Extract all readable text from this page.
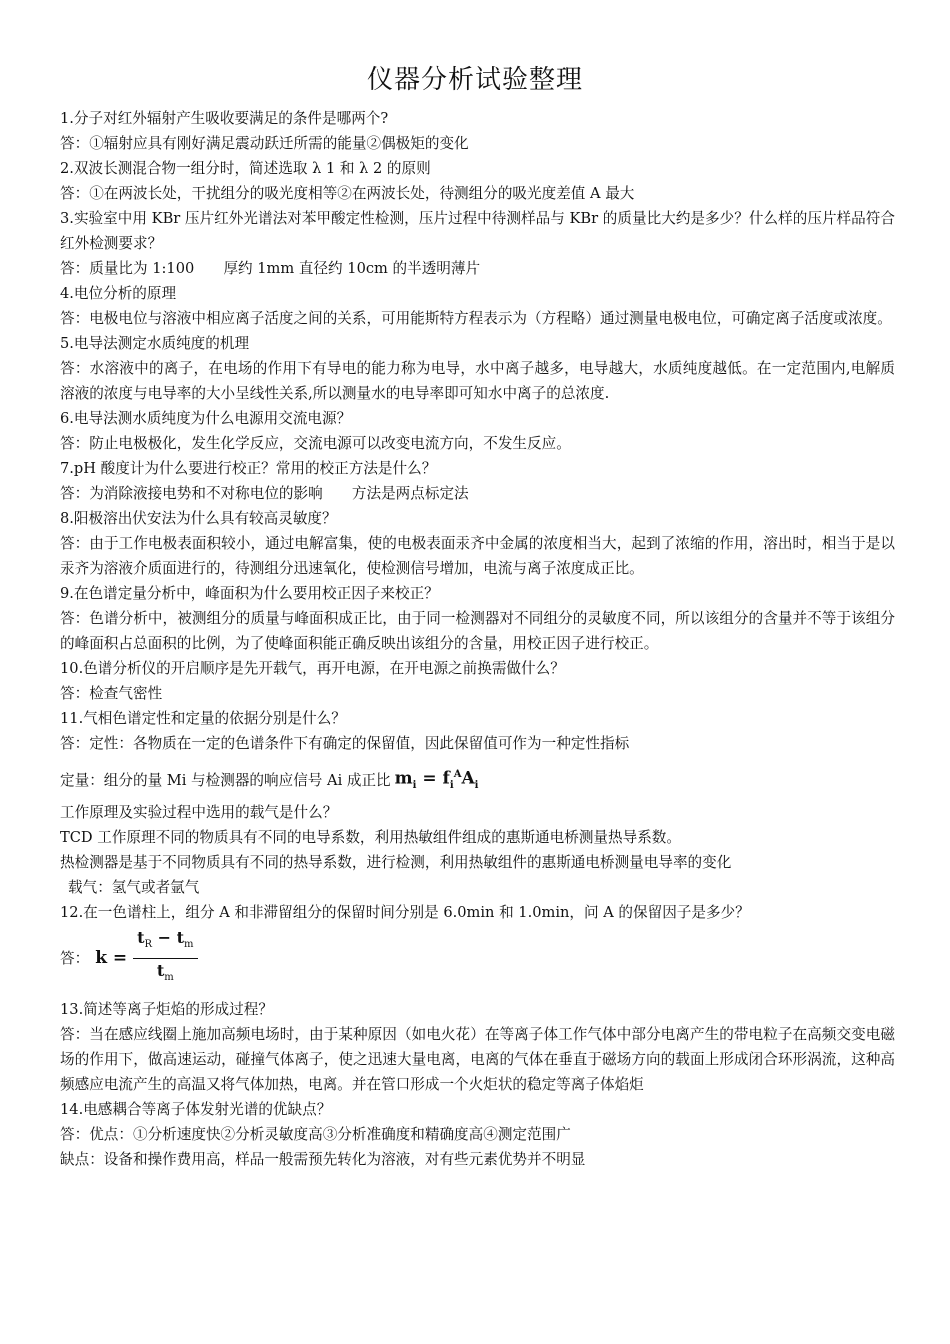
仪器分析试验整理

1.分子对红外辐射产生吸收要满足的条件是哪两个?

答：①辐射应具有刚好满足震动跃迁所需的能量②偶极矩的变化

2.双波长测混合物一组分时，简述选取 λ 1 和 λ 2 的原则

答：①在两波长处，干扰组分的吸光度相等②在两波长处，待测组分的吸光度差值 A 最大

3.实验室中用 KBr 压片红外光谱法对苯甲酸定性检测，压片过程中待测样品与 KBr 的质量比大约是多少？什么样的压片样品符合红外检测要求？

答：质量比为 1:100　　厚约 1mm 直径约 10cm 的半透明薄片

4.电位分析的原理

答：电极电位与溶液中相应离子活度之间的关系，可用能斯特方程表示为（方程略）通过测量电极电位，可确定离子活度或浓度。

5.电导法测定水质纯度的机理

答：水溶液中的离子，在电场的作用下有导电的能力称为电导，水中离子越多，电导越大，水质纯度越低。在一定范围内,电解质溶液的浓度与电导率的大小呈线性关系,所以测量水的电导率即可知水中离子的总浓度.

6.电导法测水质纯度为什么电源用交流电源？

答：防止电极极化，发生化学反应，交流电源可以改变电流方向，不发生反应。

7.pH 酸度计为什么要进行校正？常用的校正方法是什么？

答：为消除液接电势和不对称电位的影响　　方法是两点标定法

8.阳极溶出伏安法为什么具有较高灵敏度？

答：由于工作电极表面积较小，通过电解富集，使的电极表面汞齐中金属的浓度相当大，起到了浓缩的作用，溶出时，相当于是以汞齐为溶液介质面进行的，待测组分迅速氧化，使检测信号增加，电流与离子浓度成正比。

9.在色谱定量分析中，峰面积为什么要用校正因子来校正？

答：色谱分析中，被测组分的质量与峰面积成正比，由于同一检测器对不同组分的灵敏度不同，所以该组分的含量并不等于该组分的峰面积占总面积的比例，为了使峰面积能正确反映出该组分的含量，用校正因子进行校正。

10.色谱分析仪的开启顺序是先开载气，再开电源，在开电源之前换需做什么？

答：检查气密性

11.气相色谱定性和定量的依据分别是什么？

答：定性：各物质在一定的色谱条件下有确定的保留值，因此保留值可作为一种定性指标

定量：组分的量 Mi 与检测器的响应信号 Ai 成正比 $m_i = f_i^AA_i$

工作原理及实验过程中选用的载气是什么？

TCD 工作原理不同的物质具有不同的电导系数，利用热敏组件组成的惠斯通电桥测量热导系数。

热检测器是基于不同物质具有不同的热导系数，进行检测，利用热敏组件的惠斯通电桥测量电导率的变化

载气：氢气或者氩气

12.在一色谱柱上，组分 A 和非滞留组分的保留时间分别是 6.0min 和 1.0min，问 A 的保留因子是多少？

答： $k = \frac{t_R - t_m}{t_m}$

13.简述等离子炬焰的形成过程？

答：当在感应线圈上施加高频电场时，由于某种原因（如电火花）在等离子体工作气体中部分电离产生的带电粒子在高频交变电磁场的作用下，做高速运动，碰撞气体离子，使之迅速大量电离，电离的气体在垂直于磁场方向的载面上形成闭合环形涡流，这种高频感应电流产生的高温又将气体加热，电离。并在管口形成一个火炬状的稳定等离子体焰炬

14.电感耦合等离子体发射光谱的优缺点？

答：优点：①分析速度快②分析灵敏度高③分析准确度和精确度高④测定范围广

缺点：设备和操作费用高，样品一般需预先转化为溶液，对有些元素优势并不明显
